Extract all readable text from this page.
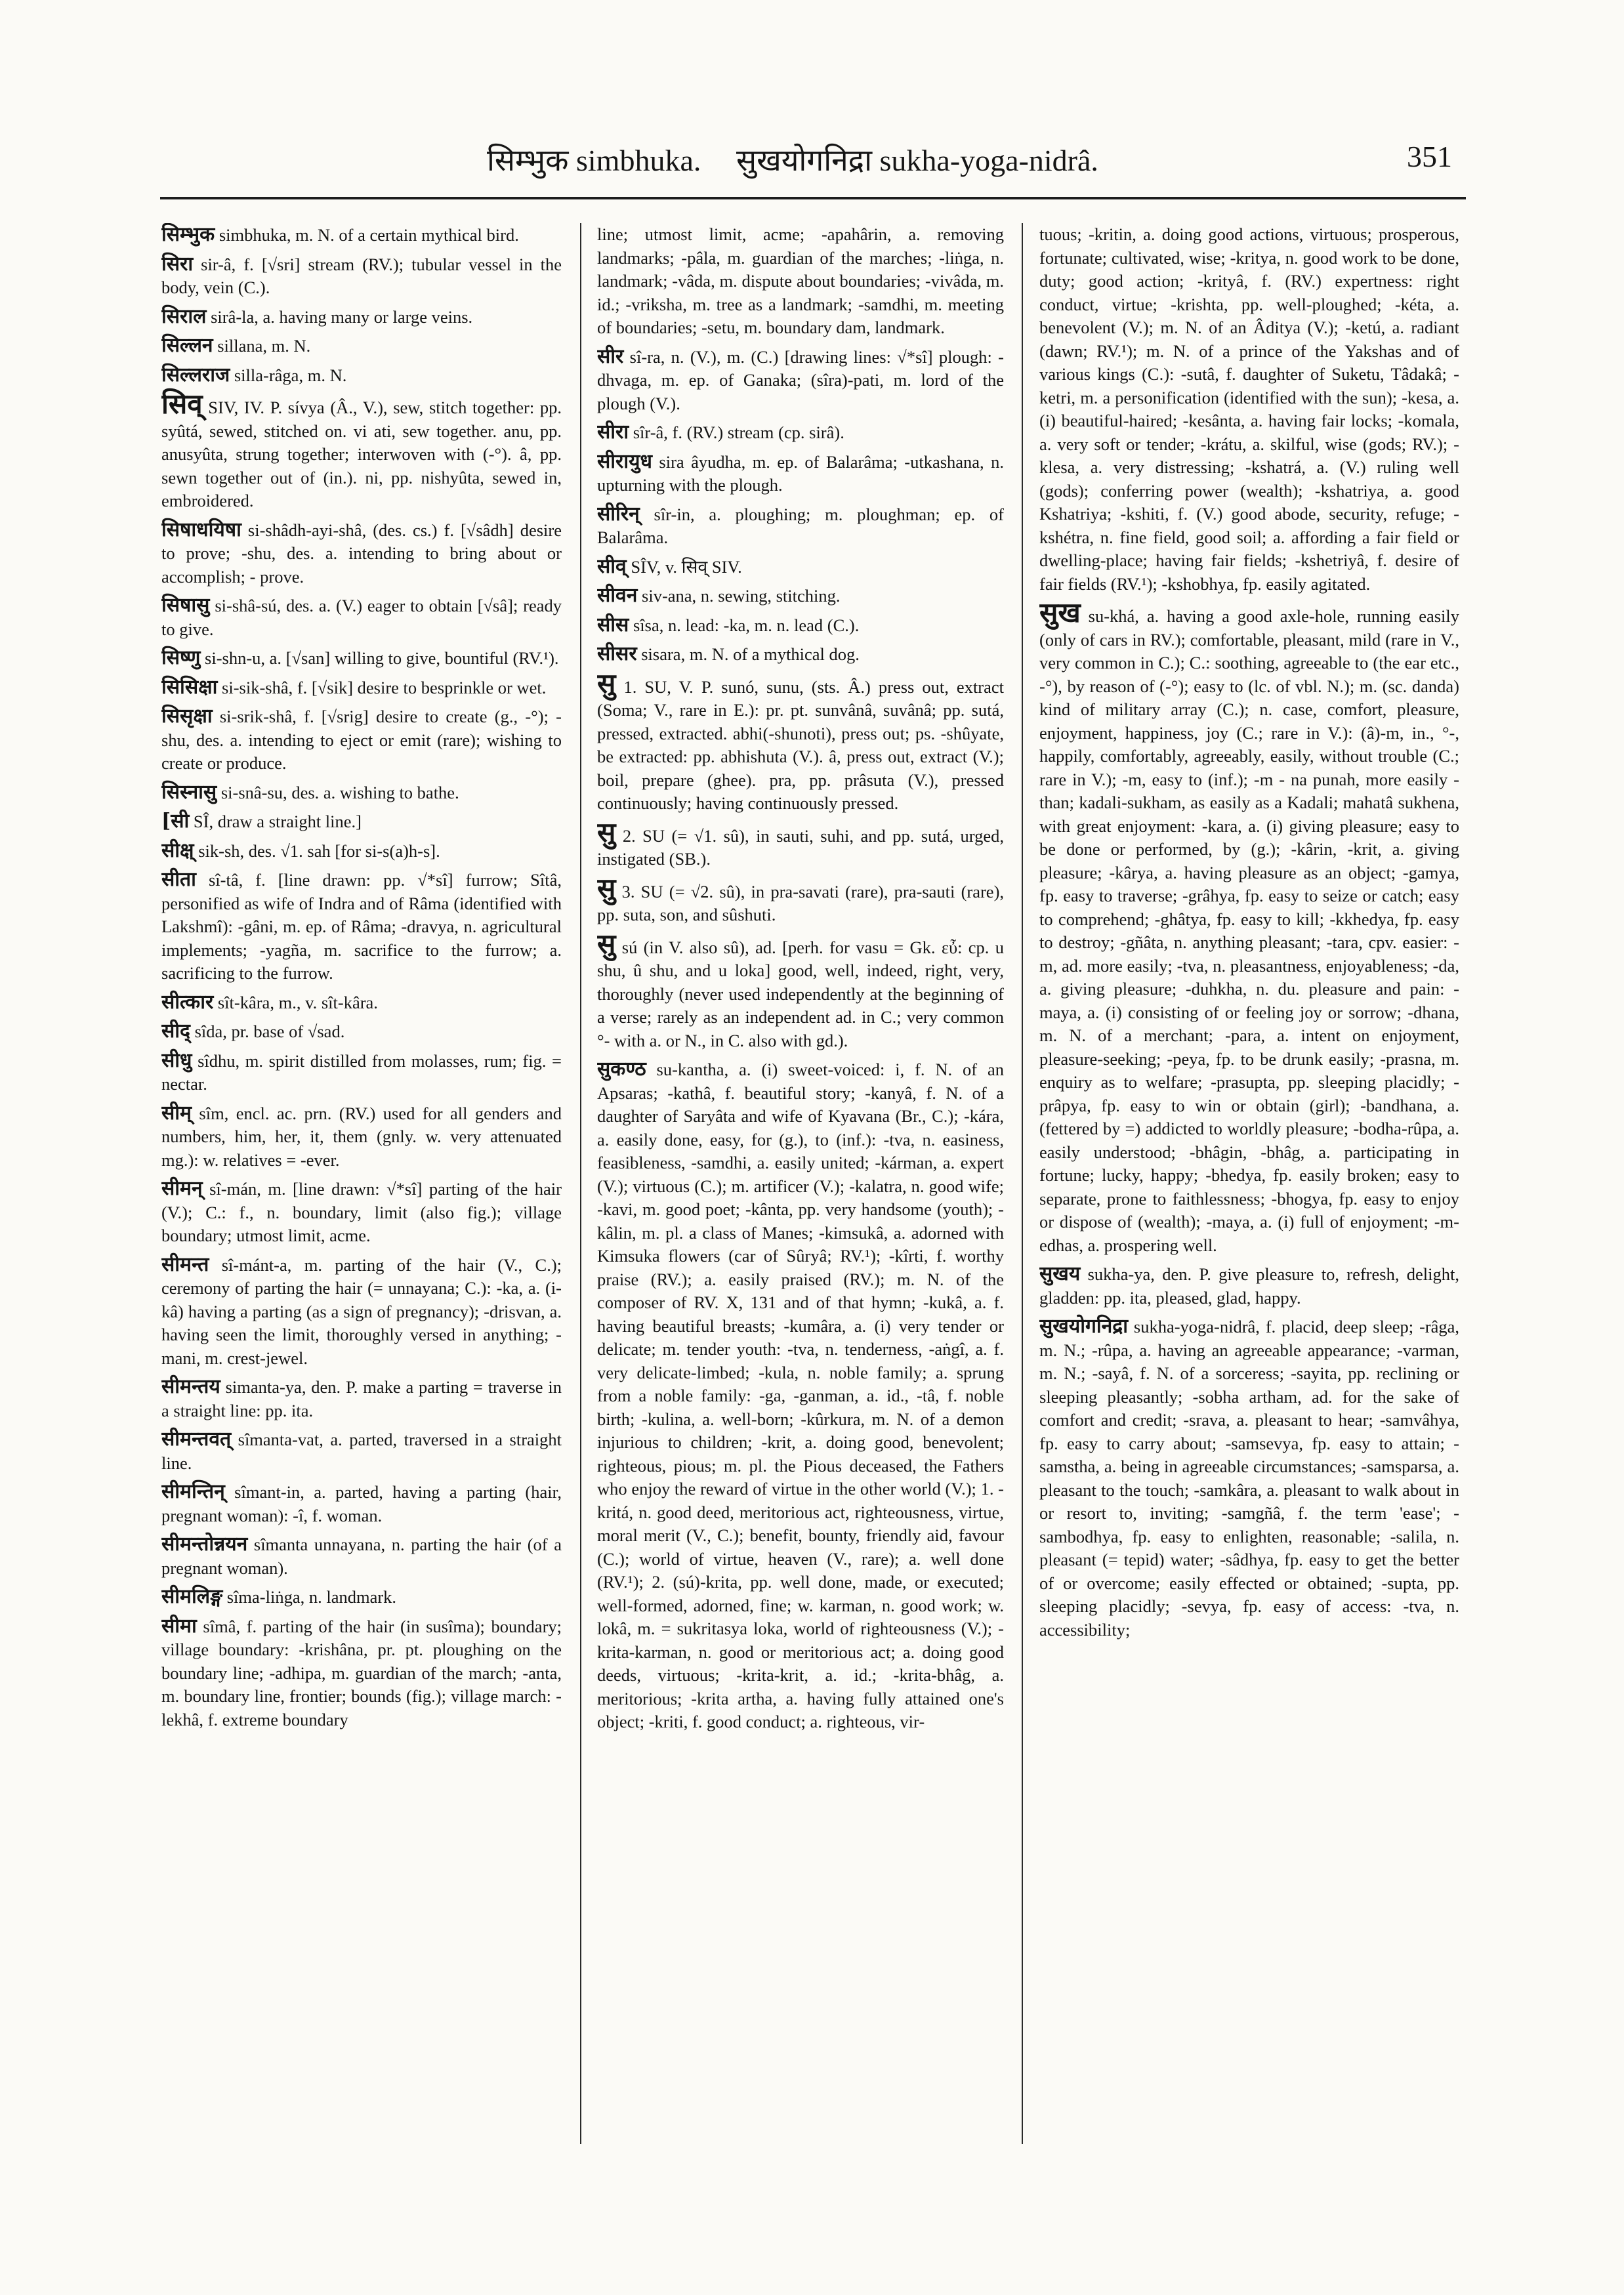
सिम्भुक simbhuka. सुखयोगनिद्रा sukha-yoga-nidrâ.	351

सिम्भुक simbhuka, m. N. of a certain mythical bird.

सिरा sir-â, f. [√sri] stream (RV.); tubular vessel in the body, vein (C.).

सिराल sirâ-la, a. having many or large veins.

सिल्लन sillana, m. N.

सिल्लराज silla-râga, m. N.

सिव् SIV, IV. P. sívya (Â., V.), sew, stitch together: pp. syûtá, sewed, stitched on. vi ati, sew together. anu, pp. anusyûta, strung together; interwoven with (-°). â, pp. sewn together out of (in.). ni, pp. nishyûta, sewed in, embroidered.

सिषाधयिषा si-shâdh-ayi-shâ, (des. cs.) f. [√sâdh] desire to prove; -shu, des. a. intending to bring about or accomplish; - prove.

सिषासु si-shâ-sú, des. a. (V.) eager to obtain [√sâ]; ready to give.

सिष्णु si-shn-u, a. [√san] willing to give, bountiful (RV.¹).

सिसिक्षा si-sik-shâ, f. [√sik] desire to besprinkle or wet.

सिसृक्षा si-srik-shâ, f. [√srig] desire to create (g., -°); -shu, des. a. intending to eject or emit (rare); wishing to create or produce.

सिस्नासु si-snâ-su, des. a. wishing to bathe.

[सी SÎ, draw a straight line.]

सीक्ष् sik-sh, des. √1. sah [for si-s(a)h-s].

सीता sî-tâ, f. [line drawn: pp. √*sî] furrow; Sîtâ, personified as wife of Indra and of Râma (identified with Lakshmî): -gâni, m. ep. of Râma; -dravya, n. agricultural implements; -yagña, m. sacrifice to the furrow; a. sacrificing to the furrow.

सीत्कार sît-kâra, m., v. sît-kâra.

सीद् sîda, pr. base of √sad.

सीधु sîdhu, m. spirit distilled from molasses, rum; fig. = nectar.

सीम् sîm, encl. ac. prn. (RV.) used for all genders and numbers, him, her, it, them (gnly. w. very attenuated mg.): w. relatives = -ever.

सीमन् sî-mán, m. [line drawn: √*sî] parting of the hair (V.); C.: f., n. boundary, limit (also fig.); village boundary; utmost limit, acme.

सीमन्त sî-mánt-a, m. parting of the hair (V., C.); ceremony of parting the hair (= unnayana; C.): -ka, a. (i-kâ) having a parting (as a sign of pregnancy); -drisvan, a. having seen the limit, thoroughly versed in anything; -mani, m. crest-jewel.

सीमन्तय simanta-ya, den. P. make a parting = traverse in a straight line: pp. ita.

सीमन्तवत् sîmanta-vat, a. parted, traversed in a straight line.

सीमन्तिन् sîmant-in, a. parted, having a parting (hair, pregnant woman): -î, f. woman.

सीमन्तोन्नयन sîmanta unnayana, n. parting the hair (of a pregnant woman).

सीमलिङ्ग sîma-liṅga, n. landmark.

सीमा sîmâ, f. parting of the hair (in susîma); boundary; village boundary: -krishâna, pr. pt. ploughing on the boundary line; -adhipa, m. guardian of the march; -anta, m. boundary line, frontier; bounds (fig.); village march: -lekhâ, f. extreme boundary

line; utmost limit, acme; -apahârin, a. removing landmarks; -pâla, m. guardian of the marches; -liṅga, n. landmark; -vâda, m. dispute about boundaries; -vivâda, m. id.; -vriksha, m. tree as a landmark; -samdhi, m. meeting of boundaries; -setu, m. boundary dam, landmark.

सीर sî-ra, n. (V.), m. (C.) [drawing lines: √*sî] plough: -dhvaga, m. ep. of Ganaka; (sîra)-pati, m. lord of the plough (V.).

सीरा sîr-â, f. (RV.) stream (cp. sirâ).

सीरायुध sira âyudha, m. ep. of Balarâma; -utkashana, n. upturning with the plough.

सीरिन् sîr-in, a. ploughing; m. ploughman; ep. of Balarâma.

सीव् SÎV, v. सिव् SIV.

सीवन siv-ana, n. sewing, stitching.

सीस sîsa, n. lead: -ka, m. n. lead (C.).

सीसर sisara, m. N. of a mythical dog.

सु 1. SU, V. P. sunó, sunu, (sts. Â.) press out, extract (Soma; V., rare in E.): pr. pt. sunvânâ, suvânâ; pp. sutá, pressed, extracted. abhi(-shunoti), press out; ps. -shûyate, be extracted: pp. abhishuta (V.). â, press out, extract (V.); boil, prepare (ghee). pra, pp. prâsuta (V.), pressed continuously; having continuously pressed.

सु 2. SU (= √1. sû), in sauti, suhi, and pp. sutá, urged, instigated (SB.).

सु 3. SU (= √2. sû), in pra-savati (rare), pra-sauti (rare), pp. suta, son, and sûshuti.

सु sú (in V. also sû), ad. [perh. for vasu = Gk. εὖ: cp. u shu, û shu, and u loka] good, well, indeed, right, very, thoroughly (never used independently at the beginning of a verse; rarely as an independent ad. in C.; very common °- with a. or N., in C. also with gd.).

सुकण्ठ su-kantha, a. (i) sweet-voiced: i, f. N. of an Apsaras; -kathâ, f. beautiful story; -kanyâ, f. N. of a daughter of Saryâta and wife of Kyavana (Br., C.); -kára, a. easily done, easy, for (g.), to (inf.): -tva, n. easiness, feasibleness, -samdhi, a. easily united; -kárman, a. expert (V.); virtuous (C.); m. artificer (V.); -kalatra, n. good wife; -kavi, m. good poet; -kânta, pp. very handsome (youth); -kâlin, m. pl. a class of Manes; -kimsukâ, a. adorned with Kimsuka flowers (car of Sûryâ; RV.¹); -kîrti, f. worthy praise (RV.); a. easily praised (RV.); m. N. of the composer of RV. X, 131 and of that hymn; -kukâ, a. f. having beautiful breasts; -kumâra, a. (i) very tender or delicate; m. tender youth: -tva, n. tenderness, -aṅgî, a. f. very delicate-limbed; -kula, n. noble family; a. sprung from a noble family: -ga, -ganman, a. id., -tâ, f. noble birth; -kulina, a. well-born; -kûrkura, m. N. of a demon injurious to children; -krit, a. doing good, benevolent; righteous, pious; m. pl. the Pious deceased, the Fathers who enjoy the reward of virtue in the other world (V.); 1. -kritá, n. good deed, meritorious act, righteousness, virtue, moral merit (V., C.); benefit, bounty, friendly aid, favour (C.); world of virtue, heaven (V., rare); a. well done (RV.¹); 2. (sú)-krita, pp. well done, made, or executed; well-formed, adorned, fine; w. karman, n. good work; w. lokâ, m. = sukritasya loka, world of righteousness (V.); -krita-karman, n. good or meritorious act; a. doing good deeds, virtuous; -krita-krit, a. id.; -krita-bhâg, a. meritorious; -krita artha, a. having fully attained one's object; -kriti, f. good conduct; a. righteous, vir-

tuous; -kritin, a. doing good actions, virtuous; prosperous, fortunate; cultivated, wise; -kritya, n. good work to be done, duty; good action; -krityâ, f. (RV.) expertness: right conduct, virtue; -krishta, pp. well-ploughed; -kéta, a. benevolent (V.); m. N. of an Âditya (V.); -ketú, a. radiant (dawn; RV.¹); m. N. of a prince of the Yakshas and of various kings (C.): -sutâ, f. daughter of Suketu, Tâdakâ; -ketri, m. a personification (identified with the sun); -kesa, a. (i) beautiful-haired; -kesânta, a. having fair locks; -komala, a. very soft or tender; -krátu, a. skilful, wise (gods; RV.); -klesa, a. very distressing; -kshatrá, a. (V.) ruling well (gods); conferring power (wealth); -kshatriya, a. good Kshatriya; -kshiti, f. (V.) good abode, security, refuge; -kshétra, n. fine field, good soil; a. affording a fair field or dwelling-place; having fair fields; -kshetriyâ, f. desire of fair fields (RV.¹); -kshobhya, fp. easily agitated.

सुख su-khá, a. having a good axle-hole, running easily (only of cars in RV.); comfortable, pleasant, mild (rare in V., very common in C.); C.: soothing, agreeable to (the ear etc., -°), by reason of (-°); easy to (lc. of vbl. N.); m. (sc. danda) kind of military array (C.); n. case, comfort, pleasure, enjoyment, happiness, joy (C.; rare in V.): (â)-m, in., °-, happily, comfortably, agreeably, easily, without trouble (C.; rare in V.); -m, easy to (inf.); -m - na punah, more easily - than; kadali-sukham, as easily as a Kadali; mahatâ sukhena, with great enjoyment: -kara, a. (i) giving pleasure; easy to be done or performed, by (g.); -kârin, -krit, a. giving pleasure; -kârya, a. having pleasure as an object; -gamya, fp. easy to traverse; -grâhya, fp. easy to seize or catch; easy to comprehend; -ghâtya, fp. easy to kill; -kkhedya, fp. easy to destroy; -gñâta, n. anything pleasant; -tara, cpv. easier: -m, ad. more easily; -tva, n. pleasantness, enjoyableness; -da, a. giving pleasure; -duhkha, n. du. pleasure and pain: -maya, a. (i) consisting of or feeling joy or sorrow; -dhana, m. N. of a merchant; -para, a. intent on enjoyment, pleasure-seeking; -peya, fp. to be drunk easily; -prasna, m. enquiry as to welfare; -prasupta, pp. sleeping placidly; -prâpya, fp. easy to win or obtain (girl); -bandhana, a. (fettered by =) addicted to worldly pleasure; -bodha-rûpa, a. easily understood; -bhâgin, -bhâg, a. participating in fortune; lucky, happy; -bhedya, fp. easily broken; easy to separate, prone to faithlessness; -bhogya, fp. easy to enjoy or dispose of (wealth); -maya, a. (i) full of enjoyment; -m-edhas, a. prospering well.

सुखय sukha-ya, den. P. give pleasure to, refresh, delight, gladden: pp. ita, pleased, glad, happy.

सुखयोगनिद्रा sukha-yoga-nidrâ, f. placid, deep sleep; -râga, m. N.; -rûpa, a. having an agreeable appearance; -varman, m. N.; -sayâ, f. N. of a sorceress; -sayita, pp. reclining or sleeping pleasantly; -sobha artham, ad. for the sake of comfort and credit; -srava, a. pleasant to hear; -samvâhya, fp. easy to carry about; -samsevya, fp. easy to attain; -samstha, a. being in agreeable circumstances; -samsparsa, a. pleasant to the touch; -samkâra, a. pleasant to walk about in or resort to, inviting; -samgñâ, f. the term 'ease'; -sambodhya, fp. easy to enlighten, reasonable; -salila, n. pleasant (= tepid) water; -sâdhya, fp. easy to get the better of or overcome; easily effected or obtained; -supta, pp. sleeping placidly; -sevya, fp. easy of access: -tva, n. accessibility;
